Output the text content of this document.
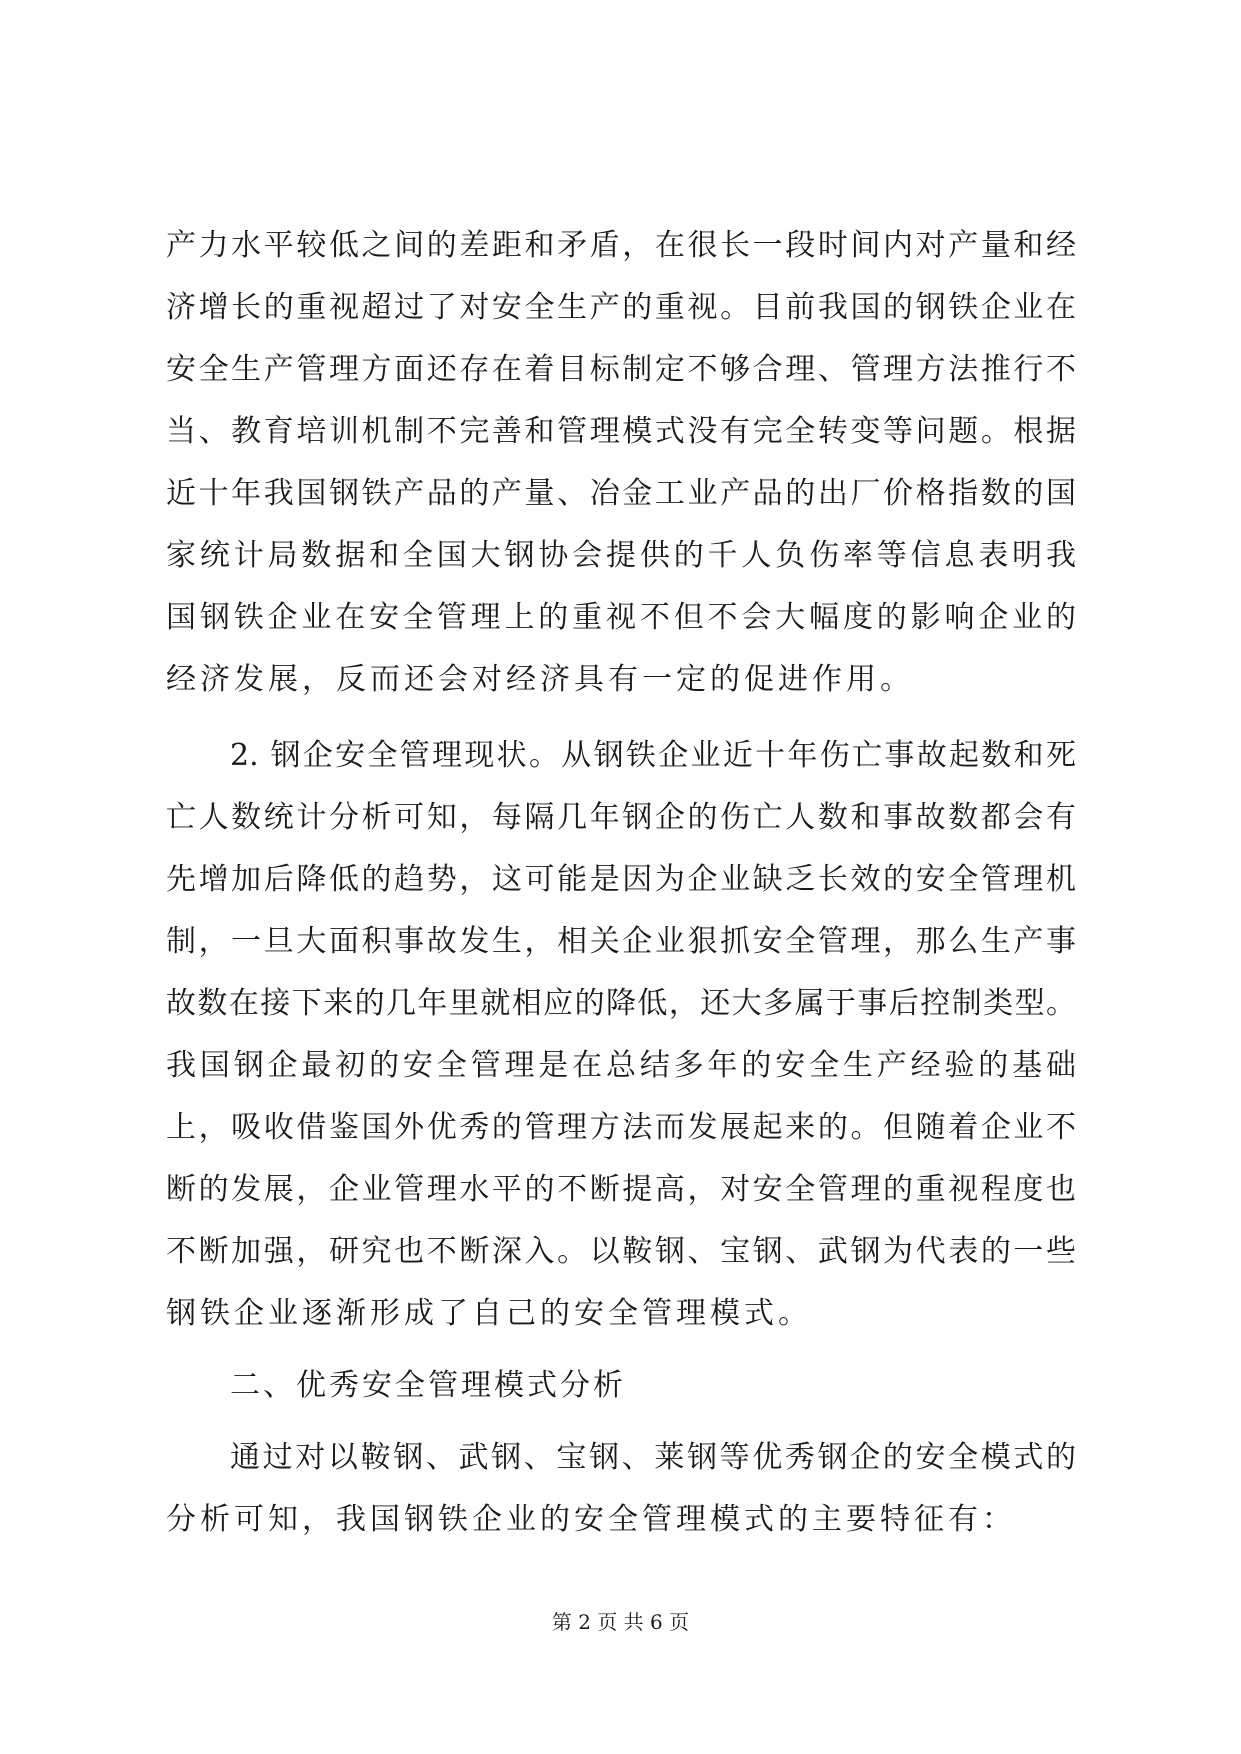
产力水平较低之间的差距和矛盾，在很长一段时间内对产量和经
济增长的重视超过了对安全生产的重视。目前我国的钢铁企业在
安全生产管理方面还存在着目标制定不够合理、管理方法推行不
当、教育培训机制不完善和管理模式没有完全转变等问题。根据
近十年我国钢铁产品的产量、冶金工业产品的出厂价格指数的国
家统计局数据和全国大钢协会提供的千人负伤率等信息表明我
国钢铁企业在安全管理上的重视不但不会大幅度的影响企业的
经济发展，反而还会对经济具有一定的促进作用。
2. 钢企安全管理现状。从钢铁企业近十年伤亡事故起数和死
亡人数统计分析可知，每隔几年钢企的伤亡人数和事故数都会有
先增加后降低的趋势，这可能是因为企业缺乏长效的安全管理机
制，一旦大面积事故发生，相关企业狠抓安全管理，那么生产事
故数在接下来的几年里就相应的降低，还大多属于事后控制类型。
我国钢企最初的安全管理是在总结多年的安全生产经验的基础
上，吸收借鉴国外优秀的管理方法而发展起来的。但随着企业不
断的发展，企业管理水平的不断提高，对安全管理的重视程度也
不断加强，研究也不断深入。以鞍钢、宝钢、武钢为代表的一些
钢铁企业逐渐形成了自己的安全管理模式。
二、优秀安全管理模式分析
通过对以鞍钢、武钢、宝钢、莱钢等优秀钢企的安全模式的
分析可知，我国钢铁企业的安全管理模式的主要特征有：
第 2 页 共 6 页
